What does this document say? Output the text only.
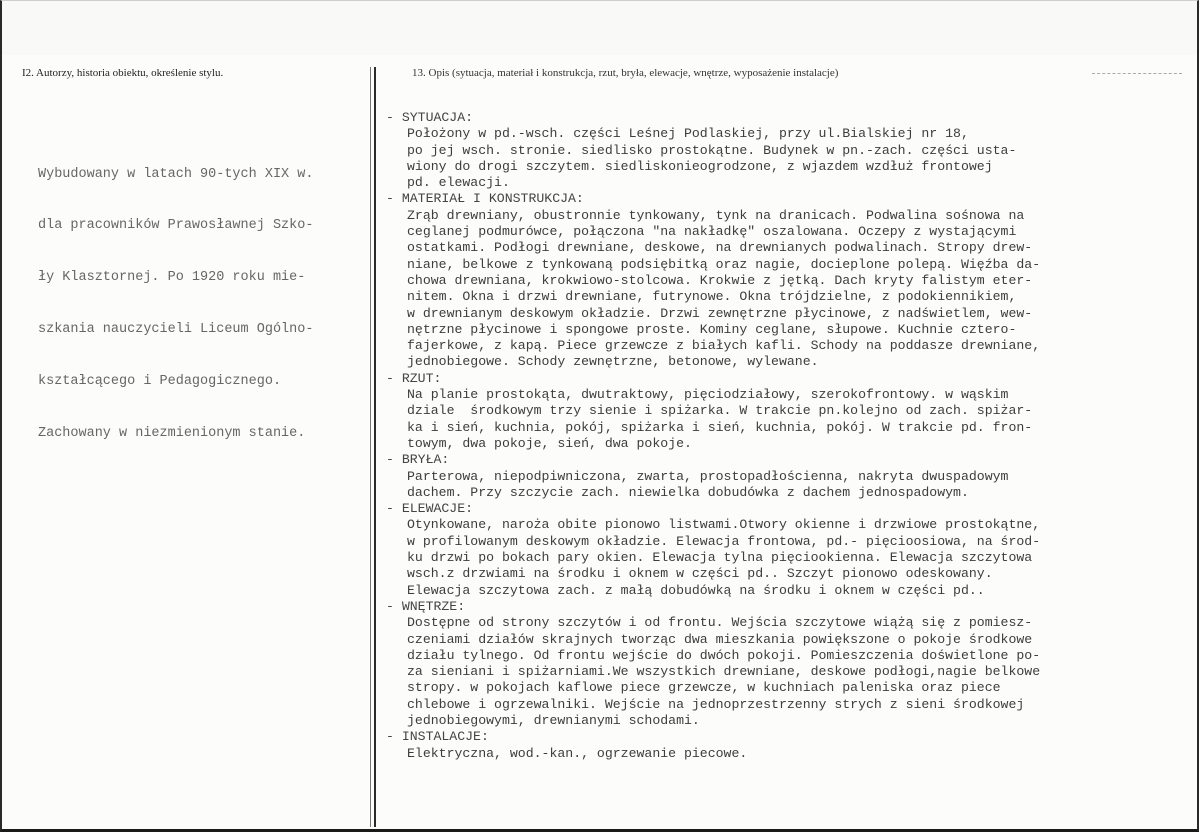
I2. Autorzy, historia obiektu, określenie stylu.	13. Opis (sytuacja, materiał i konstrukcja, rzut, bryła, elewacje, wnętrze, wyposażenie instalacje)

Wybudowany w latach 90-tych XIX w.

dla pracowników Prawosławnej Szko-

ły Klasztornej. Po 1920 roku mie-

szkania nauczycieli Liceum Ogólno-

kształcącego i Pedagogicznego.

Zachowany w niezmienionym stanie.

- SYTUACJA:
Położony w pd.-wsch. części Leśnej Podlaskiej, przy ul.Bialskiej nr 18,
po jej wsch. stronie. siedlisko prostokątne. Budynek w pn.-zach. części usta-
wiony do drogi szczytem. siedliskonieogrodzone, z wjazdem wzdłuż frontowej
pd. elewacji.
- MATERIAŁ I KONSTRUKCJA:
Zrąb drewniany, obustronnie tynkowany, tynk na dranicach. Podwalina sośnowa na
ceglanej podmurówce, połączona "na nakładkę" oszalowana. Oczepy z wystającymi
ostatkami. Podłogi drewniane, deskowe, na drewnianych podwalinach. Stropy drew-
niane, belkowe z tynkowaną podsiębitką oraz nagie, docieplone polepą. Więźba da-
chowa drewniana, krokwiowo-stolcowa. Krokwie z jętką. Dach kryty falistym eter-
nitem. Okna i drzwi drewniane, futrynowe. Okna trójdzielne, z podokiennikiem,
w drewnianym deskowym okładzie. Drzwi zewnętrzne płycinowe, z nadświetlem, wew-
nętrzne płycinowe i spongowe proste. Kominy ceglane, słupowe. Kuchnie cztero-
fajerkowe, z kapą. Piece grzewcze z białych kafli. Schody na poddasze drewniane,
jednobiegowe. Schody zewnętrzne, betonowe, wylewane.
- RZUT:
Na planie prostokąta, dwutraktowy, pięciodziałowy, szerokofrontowy. w wąskim
dziale  środkowym trzy sienie i spiżarka. W trakcie pn.kolejno od zach. spiżar-
ka i sień, kuchnia, pokój, spiżarka i sień, kuchnia, pokój. W trakcie pd. fron-
towym, dwa pokoje, sień, dwa pokoje.
- BRYŁA:
Parterowa, niepodpiwniczona, zwarta, prostopadłościenna, nakryta dwuspadowym
dachem. Przy szczycie zach. niewielka dobudówka z dachem jednospadowym.
- ELEWACJE:
Otynkowane, naroża obite pionowo listwami.Otwory okienne i drzwiowe prostokątne,
w profilowanym deskowym okładzie. Elewacja frontowa, pd.- pięcioosiowa, na środ-
ku drzwi po bokach pary okien. Elewacja tylna pięciookienna. Elewacja szczytowa
wsch.z drzwiami na środku i oknem w części pd.. Szczyt pionowo odeskowany.
Elewacja szczytowa zach. z małą dobudówką na środku i oknem w części pd..
- WNĘTRZE:
Dostępne od strony szczytów i od frontu. Wejścia szczytowe wiążą się z pomiesz-
czeniami działów skrajnych tworząc dwa mieszkania powiększone o pokoje środkowe
działu tylnego. Od frontu wejście do dwóch pokoji. Pomieszczenia doświetlone po-
za sieniani i spiżarniami.We wszystkich drewniane, deskowe podłogi,nagie belkowe
stropy. w pokojach kaflowe piece grzewcze, w kuchniach paleniska oraz piece
chlebowe i ogrzewalniki. Wejście na jednoprzestrzenny strych z sieni środkowej
jednobiegowymi, drewnianymi schodami.
- INSTALACJE:
Elektryczna, wod.-kan., ogrzewanie piecowe.
